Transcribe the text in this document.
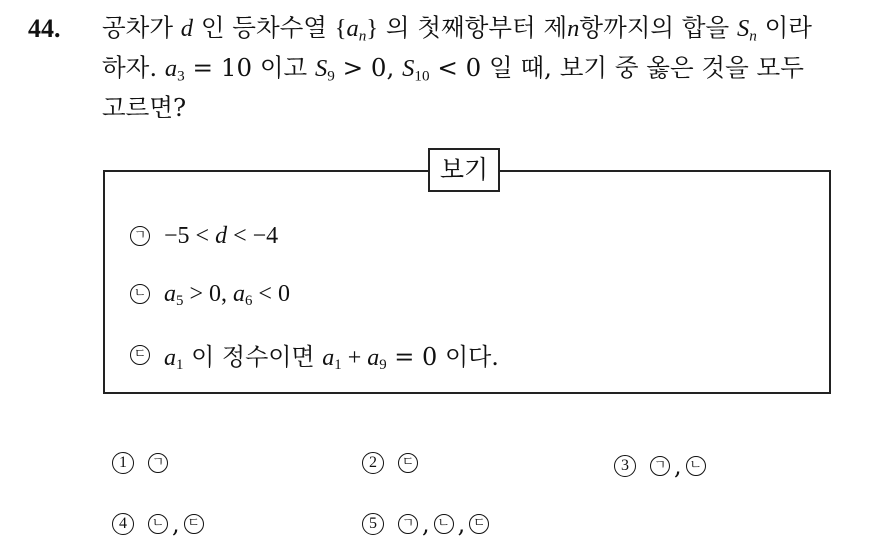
44. 공차가 d 인 등차수열 $\{a_n\}$ 의 첫째항부터 제n항까지의 합을 $S_n$ 이라
하자. $a_3 = 10$ 이고 $S_9 > 0$, $S_{10} < 0$ 일 때, 보기 중 옳은 것을 모두
고르면?
보기
ㄱ −5 < d < −4
ㄴ $a_5 > 0$, $a_6 < 0$
ㄷ $a_1$ 이 정수이면 $a_1 + a_9 = 0$ 이다.
1	ㄱ	2	ㄷ	3	ㄱ , ㄴ
4	ㄴ , ㄷ	5	ㄱ , ㄴ , ㄷ
